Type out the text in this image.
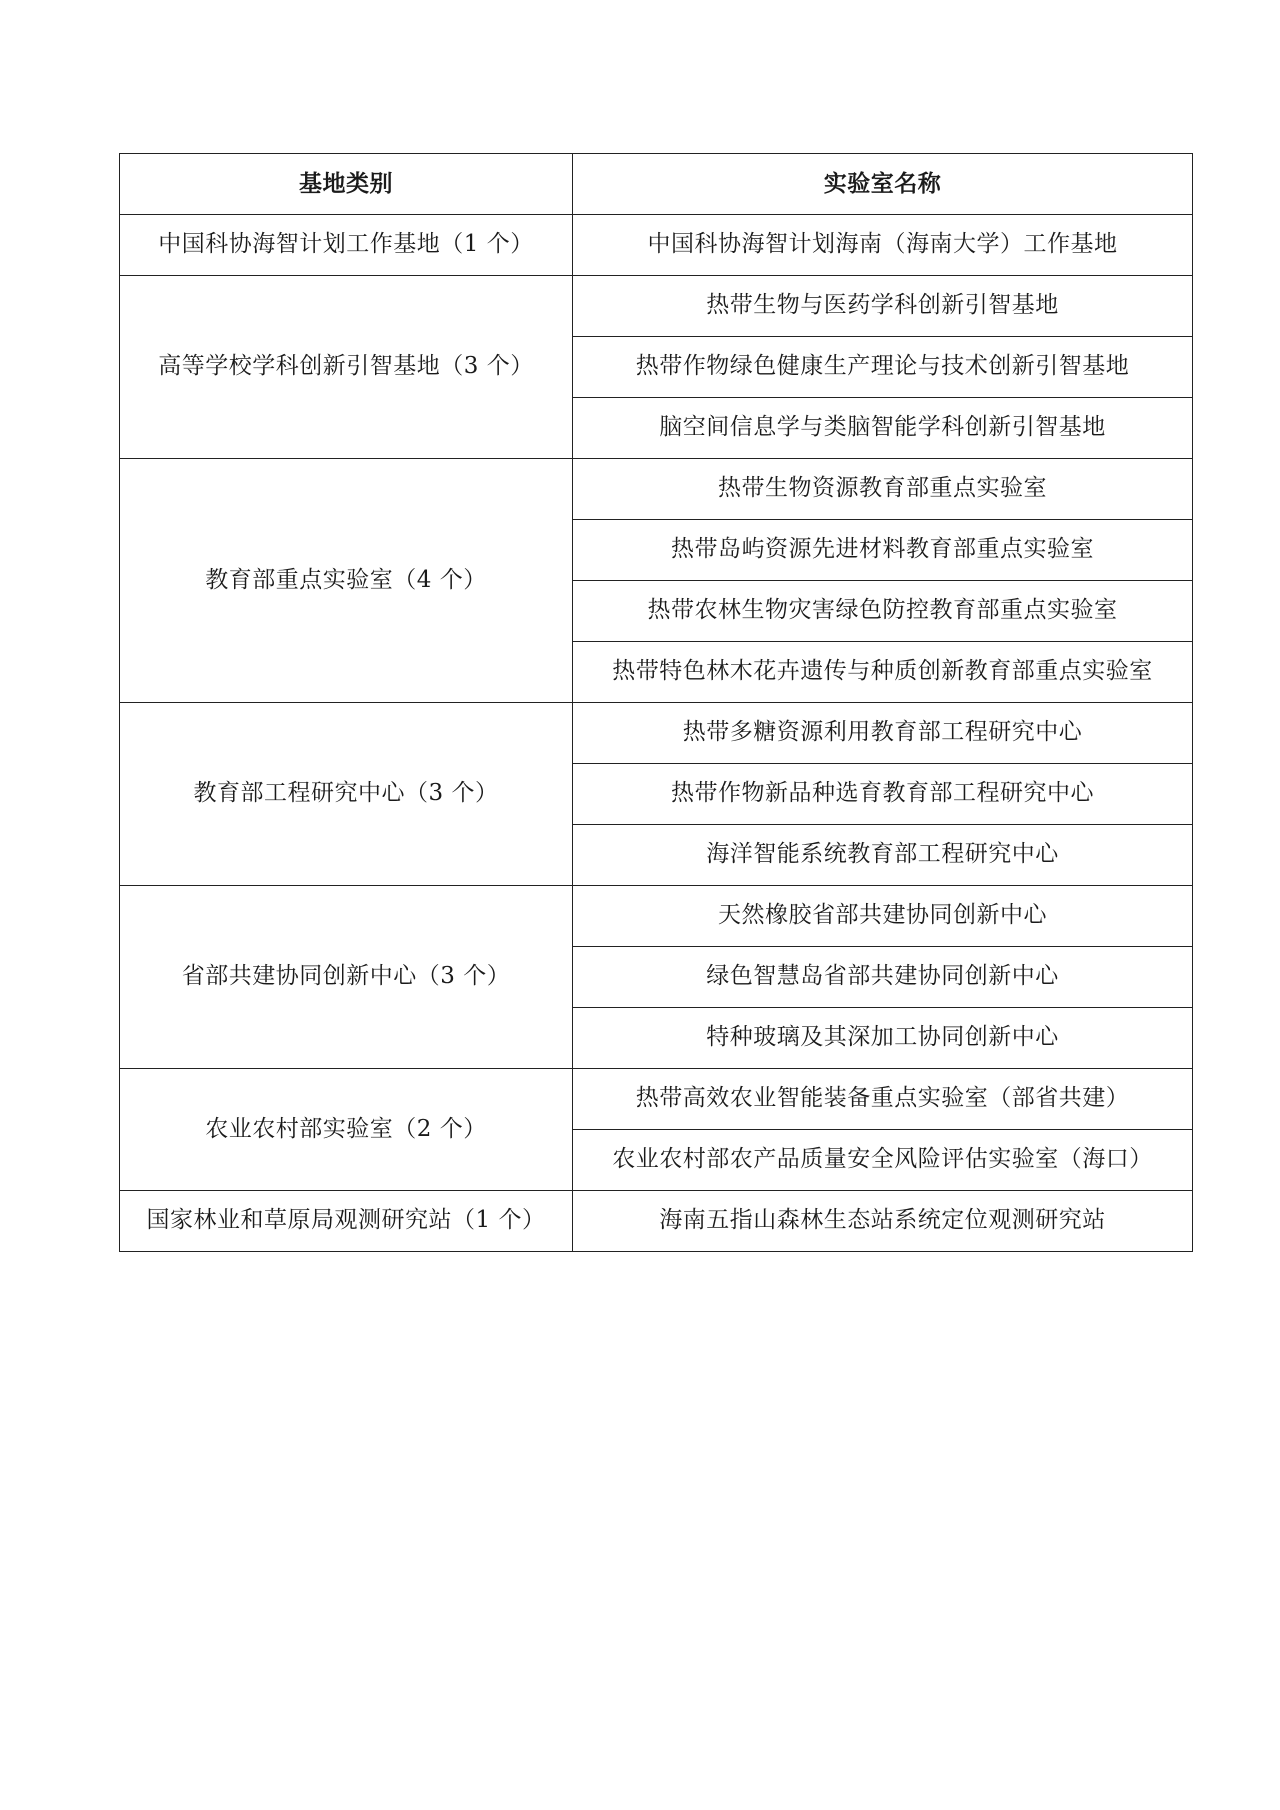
基地类别	实验室名称
中国科协海智计划工作基地（1 个）	中国科协海智计划海南（海南大学）工作基地
高等学校学科创新引智基地（3 个）	热带生物与医药学科创新引智基地
	热带作物绿色健康生产理论与技术创新引智基地
	脑空间信息学与类脑智能学科创新引智基地
教育部重点实验室（4 个）	热带生物资源教育部重点实验室
	热带岛屿资源先进材料教育部重点实验室
	热带农林生物灾害绿色防控教育部重点实验室
	热带特色林木花卉遗传与种质创新教育部重点实验室
教育部工程研究中心（3 个）	热带多糖资源利用教育部工程研究中心
	热带作物新品种选育教育部工程研究中心
	海洋智能系统教育部工程研究中心
省部共建协同创新中心（3 个）	天然橡胶省部共建协同创新中心
	绿色智慧岛省部共建协同创新中心
	特种玻璃及其深加工协同创新中心
农业农村部实验室（2 个）	热带高效农业智能装备重点实验室（部省共建）
	农业农村部农产品质量安全风险评估实验室（海口）
国家林业和草原局观测研究站（1 个）	海南五指山森林生态站系统定位观测研究站
